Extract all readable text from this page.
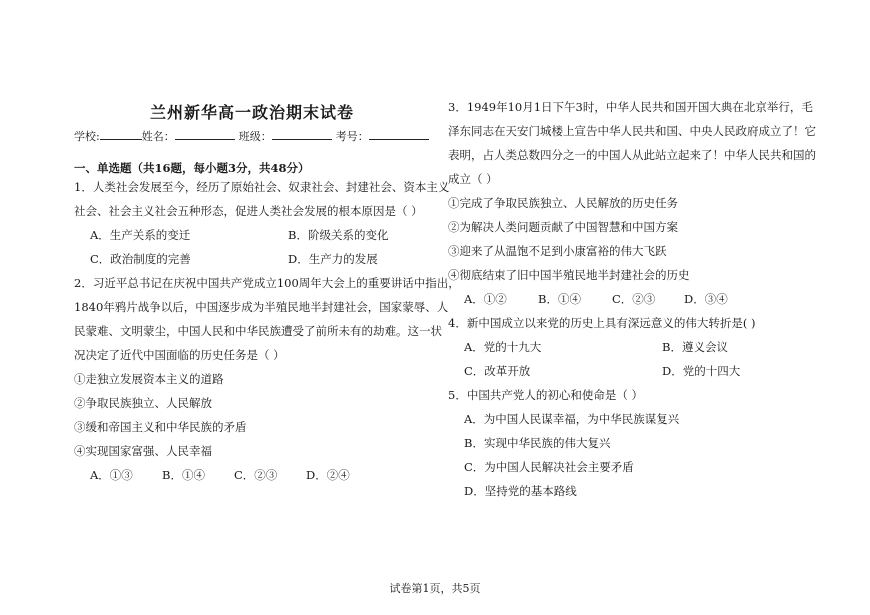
兰州新华高一政治期末试卷
学校:	姓名：	班级：	考号：
一、单选题（共16题，每小题3分，共48分）
1．人类社会发展至今，经历了原始社会、奴隶社会、封建社会、资本主义
社会、社会主义社会五种形态，促进人类社会发展的根本原因是（ ）
A．生产关系的变迁	B．阶级关系的变化
C．政治制度的完善	D．生产力的发展
2．习近平总书记在庆祝中国共产党成立100周年大会上的重要讲话中指出，
1840年鸦片战争以后，中国逐步成为半殖民地半封建社会，国家蒙辱、人
民蒙难、文明蒙尘，中国人民和中华民族遭受了前所未有的劫难。这一状
况决定了近代中国面临的历史任务是（ ）
①走独立发展资本主义的道路
②争取民族独立、人民解放
③缓和帝国主义和中华民族的矛盾
④实现国家富强、人民幸福
A．①③	B．①④	C．②③ D．②④
3．1949年10月1日下午3时，中华人民共和国开国大典在北京举行，毛
泽东同志在天安门城楼上宣告中华人民共和国、中央人民政府成立了！它
表明，占人类总数四分之一的中国人从此站立起来了！中华人民共和国的
成立（ ）
①完成了争取民族独立、人民解放的历史任务
②为解决人类问题贡献了中国智慧和中国方案
③迎来了从温饱不足到小康富裕的伟大飞跃
④彻底结束了旧中国半殖民地半封建社会的历史
A．①②	B．①④	C．②③ D．③④
4．新中国成立以来党的历史上具有深远意义的伟大转折是( )
A．党的十九大	B．遵义会议
C．改革开放	D．党的十四大
5．中国共产党人的初心和使命是（ ）
A．为中国人民谋幸福，为中华民族谋复兴
B．实现中华民族的伟大复兴
C．为中国人民解决社会主要矛盾
D．坚持党的基本路线
试卷第1页，共5页
